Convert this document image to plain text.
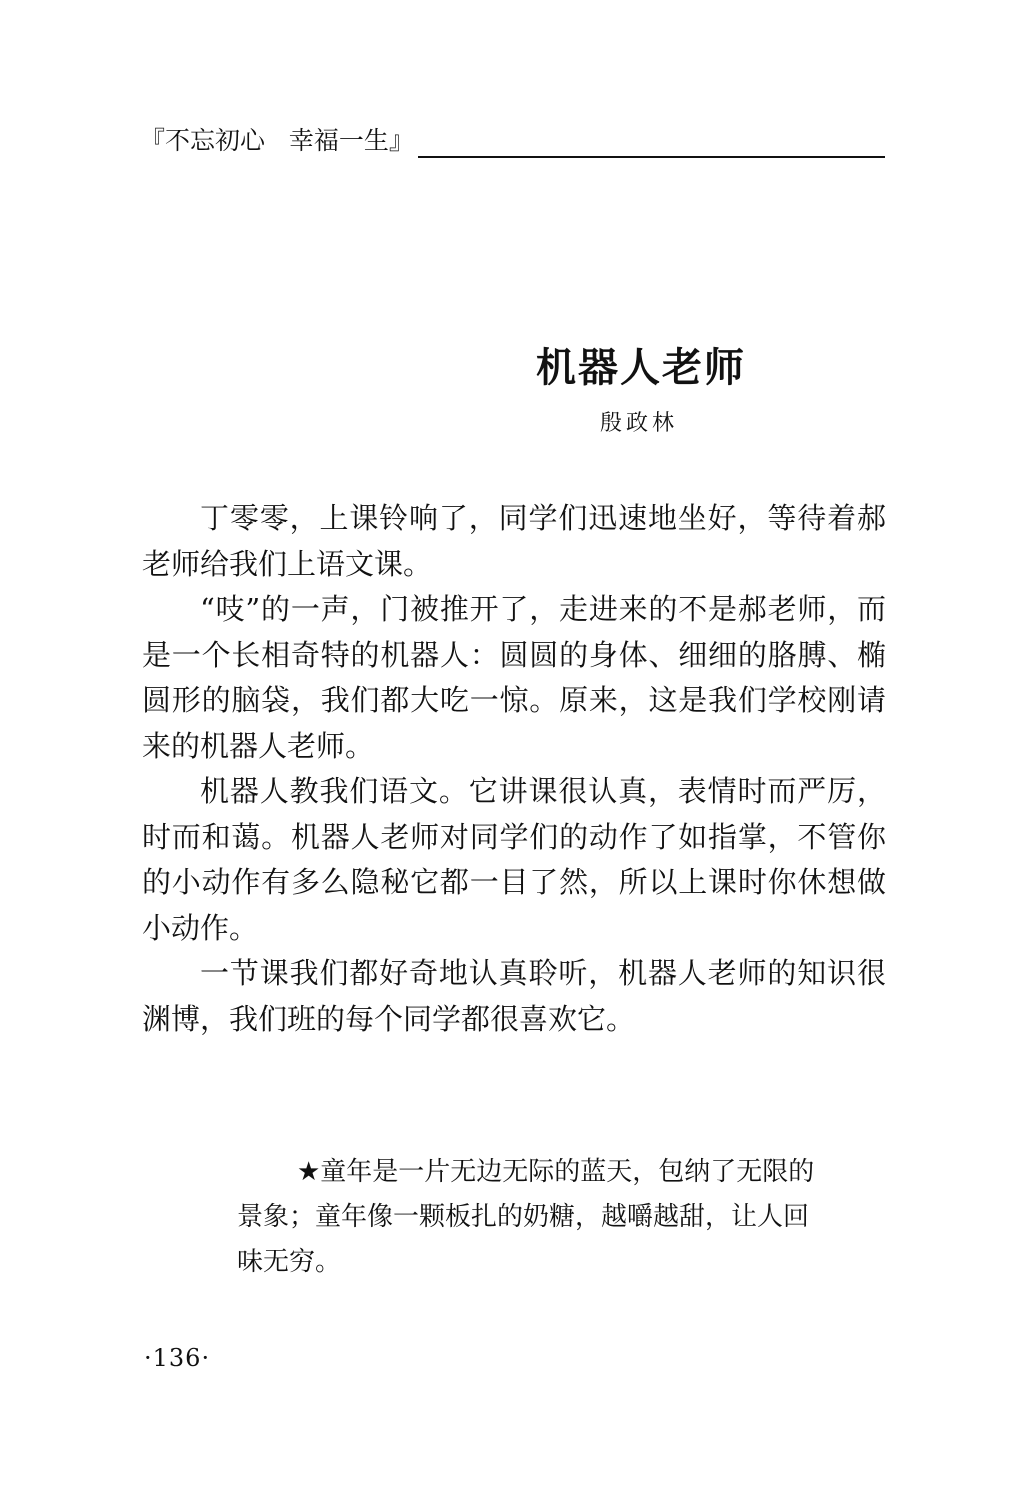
『不忘初心   幸福一生』
机器人老师
殷政林

丁零零，上课铃响了，同学们迅速地坐好，等待着郝老师给我们上语文课。

“吱”的一声，门被推开了，走进来的不是郝老师，而是一个长相奇特的机器人：圆圆的身体、细细的胳膊、椭圆形的脑袋，我们都大吃一惊。原来，这是我们学校刚请来的机器人老师。

机器人教我们语文。它讲课很认真，表情时而严厉，时而和蔼。机器人老师对同学们的动作了如指掌，不管你的小动作有多么隐秘它都一目了然，所以上课时你休想做小动作。

一节课我们都好奇地认真聆听，机器人老师的知识很渊博，我们班的每个同学都很喜欢它。

★童年是一片无边无际的蓝天，包纳了无限的景象；童年像一颗板扎的奶糖，越嚼越甜，让人回味无穷。

·136·
